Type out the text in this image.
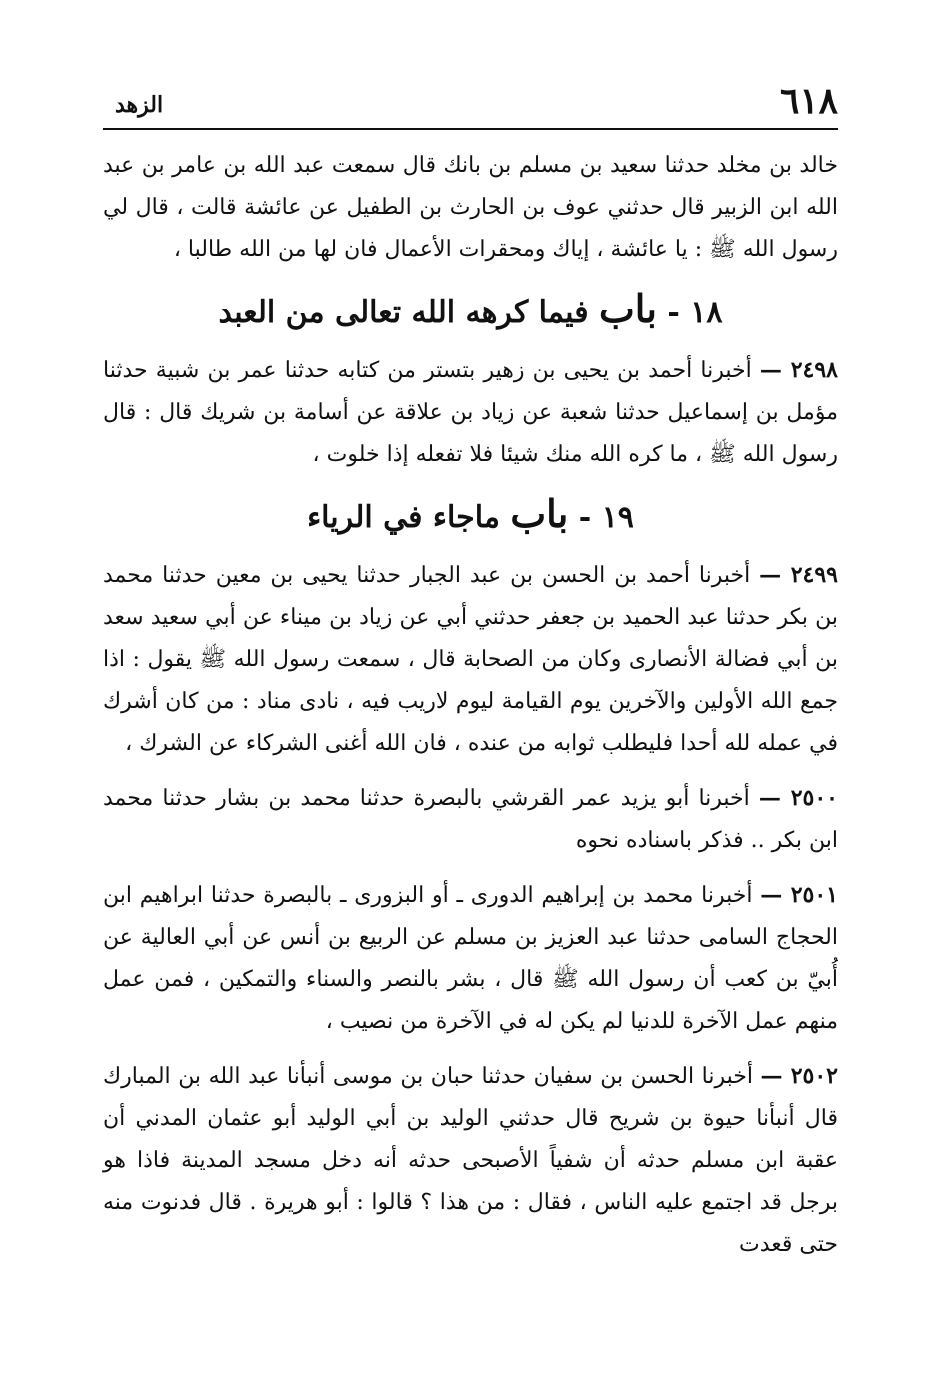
٦١٨
الزهد

خالد بن مخلد حدثنا سعيد بن مسلم بن بانك قال سمعت عبد الله بن عامر بن عبد الله ابن الزبير قال حدثني عوف بن الحارث بن الطفيل عن عائشة قالت ، قال لي رسول الله ﷺ : يا عائشة ، إياك ومحقرات الأعمال فان لها من الله طالبا ،

١٨ - باب فيما كرهه الله تعالى من العبد

٢٤٩٨ — أخبرنا أحمد بن يحيى بن زهير بتستر من كتابه حدثنا عمر بن شبية حدثنا مؤمل بن إسماعيل حدثنا شعبة عن زياد بن علاقة عن أسامة بن شريك قال : قال رسول الله ﷺ ، ما كره الله منك شيئا فلا تفعله إذا خلوت ،

١٩ - باب ماجاء في الرياء

٢٤٩٩ — أخبرنا أحمد بن الحسن بن عبد الجبار حدثنا يحيى بن معين حدثنا محمد بن بكر حدثنا عبد الحميد بن جعفر حدثني أبي عن زياد بن ميناء عن أبي سعيد سعد بن أبي فضالة الأنصارى وكان من الصحابة قال ، سمعت رسول الله ﷺ يقول : اذا جمع الله الأولين والآخرين يوم القيامة ليوم لاريب فيه ، نادى مناد : من كان أشرك في عمله لله أحدا فليطلب ثوابه من عنده ، فان الله أغنى الشركاء عن الشرك ،

٢٥٠٠ — أخبرنا أبو يزيد عمر القرشي بالبصرة حدثنا محمد بن بشار حدثنا محمد ابن بكر .. فذكر باسناده نحوه

٢٥٠١ — أخبرنا محمد بن إبراهيم الدورى ـ أو البزورى ـ بالبصرة حدثنا ابراهيم ابن الحجاج السامى حدثنا عبد العزيز بن مسلم عن الربيع بن أنس عن أبي العالية عن أُبيّ بن كعب أن رسول الله ﷺ قال ، بشر بالنصر والسناء والتمكين ، فمن عمل منهم عمل الآخرة للدنيا لم يكن له في الآخرة من نصيب ،

٢٥٠٢ — أخبرنا الحسن بن سفيان حدثنا حبان بن موسى أنبأنا عبد الله بن المبارك قال أنبأنا حيوة بن شريح قال حدثني الوليد بن أبي الوليد أبو عثمان المدني أن عقبة ابن مسلم حدثه أن شفياً الأصبحى حدثه أنه دخل مسجد المدينة فاذا هو برجل قد اجتمع عليه الناس ، فقال : من هذا ؟ قالوا : أبو هريرة . قال فدنوت منه حتى قعدت
